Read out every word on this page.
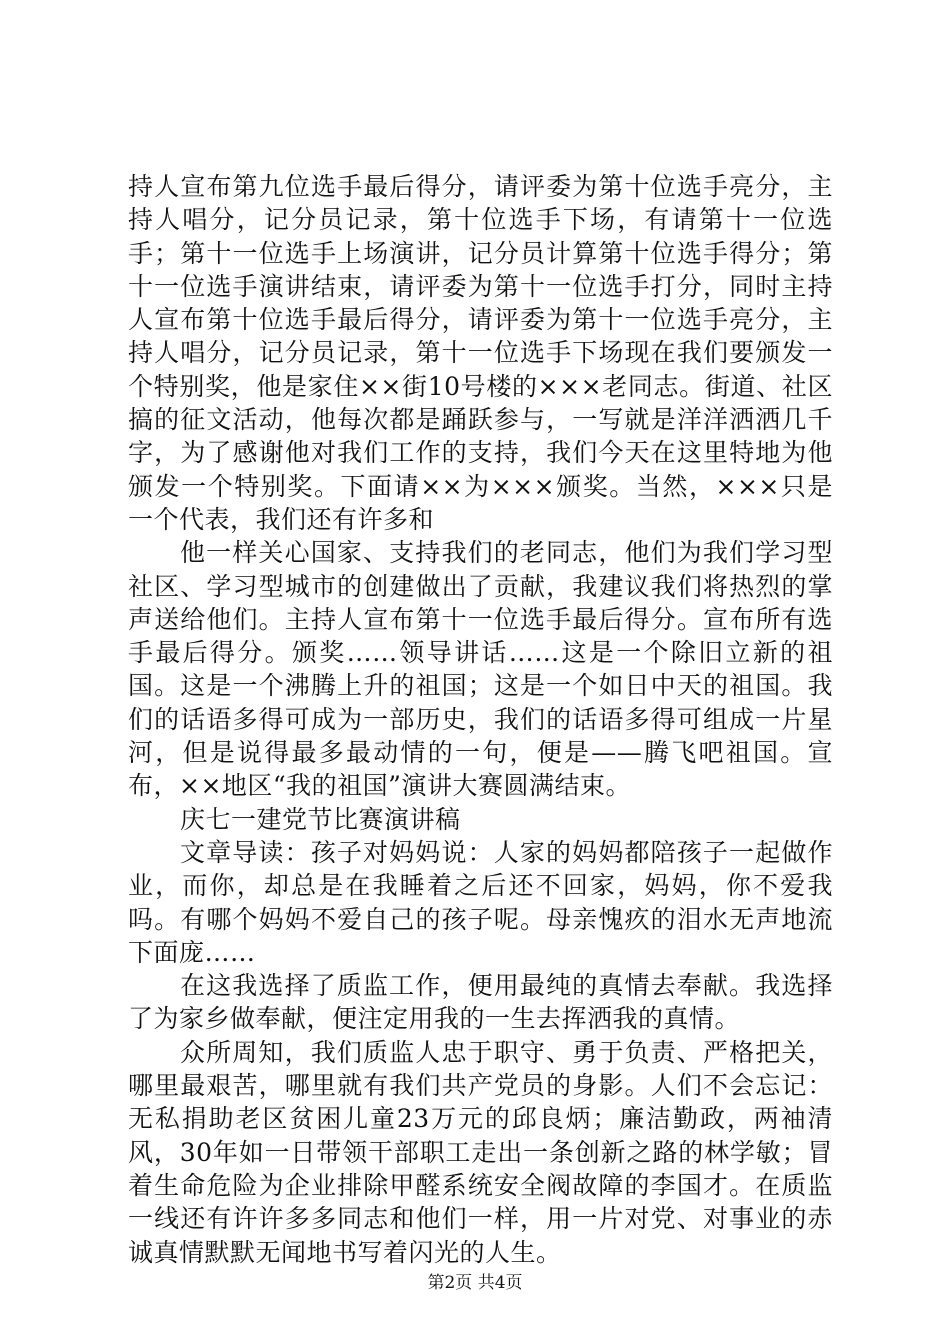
持人宣布第九位选手最后得分，请评委为第十位选手亮分，主持人唱分，记分员记录，第十位选手下场，有请第十一位选手；第十一位选手上场演讲，记分员计算第十位选手得分；第十一位选手演讲结束，请评委为第十一位选手打分，同时主持人宣布第十位选手最后得分，请评委为第十一位选手亮分，主持人唱分，记分员记录，第十一位选手下场现在我们要颁发一个特别奖，他是家住××街10号楼的×××老同志。街道、社区搞的征文活动，他每次都是踊跃参与，一写就是洋洋洒洒几千字，为了感谢他对我们工作的支持，我们今天在这里特地为他颁发一个特别奖。下面请××为×××颁奖。当然，×××只是一个代表，我们还有许多和

他一样关心国家、支持我们的老同志，他们为我们学习型社区、学习型城市的创建做出了贡献，我建议我们将热烈的掌声送给他们。主持人宣布第十一位选手最后得分。宣布所有选手最后得分。颁奖……领导讲话……这是一个除旧立新的祖国。这是一个沸腾上升的祖国；这是一个如日中天的祖国。我们的话语多得可成为一部历史，我们的话语多得可组成一片星河，但是说得最多最动情的一句，便是——腾飞吧祖国。宣布，××地区“我的祖国”演讲大赛圆满结束。

庆七一建党节比赛演讲稿

文章导读：孩子对妈妈说：人家的妈妈都陪孩子一起做作业，而你，却总是在我睡着之后还不回家，妈妈，你不爱我吗。有哪个妈妈不爱自己的孩子呢。母亲愧疚的泪水无声地流下面庞……

在这我选择了质监工作，便用最纯的真情去奉献。我选择了为家乡做奉献，便注定用我的一生去挥洒我的真情。

众所周知，我们质监人忠于职守、勇于负责、严格把关，哪里最艰苦，哪里就有我们共产党员的身影。人们不会忘记：无私捐助老区贫困儿童23万元的邱良炳；廉洁勤政，两袖清风，30年如一日带领干部职工走出一条创新之路的林学敏；冒着生命危险为企业排除甲醛系统安全阀故障的李国才。在质监一线还有许许多多同志和他们一样，用一片对党、对事业的赤诚真情默默无闻地书写着闪光的人生。

第2页 共4页
